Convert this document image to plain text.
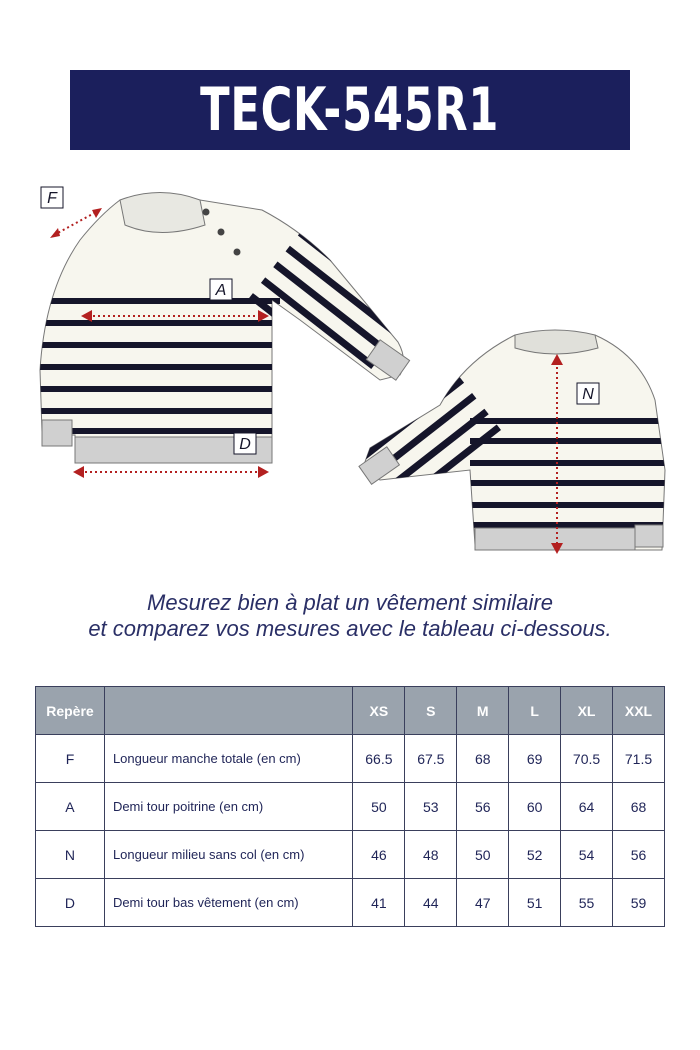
TECK-545R1
F
A
D
N
Mesurez bien à plat un vêtement similaire
et comparez vos mesures avec le tableau ci-dessous.
Repère		XS	S	M	L	XL	XXL
F	Longueur manche totale (en cm)	66.5	67.5	68	69	70.5	71.5
A	Demi tour poitrine (en cm)	50	53	56	60	64	68
N	Longueur milieu sans col (en cm)	46	48	50	52	54	56
D	Demi tour bas vêtement (en cm)	41	44	47	51	55	59
